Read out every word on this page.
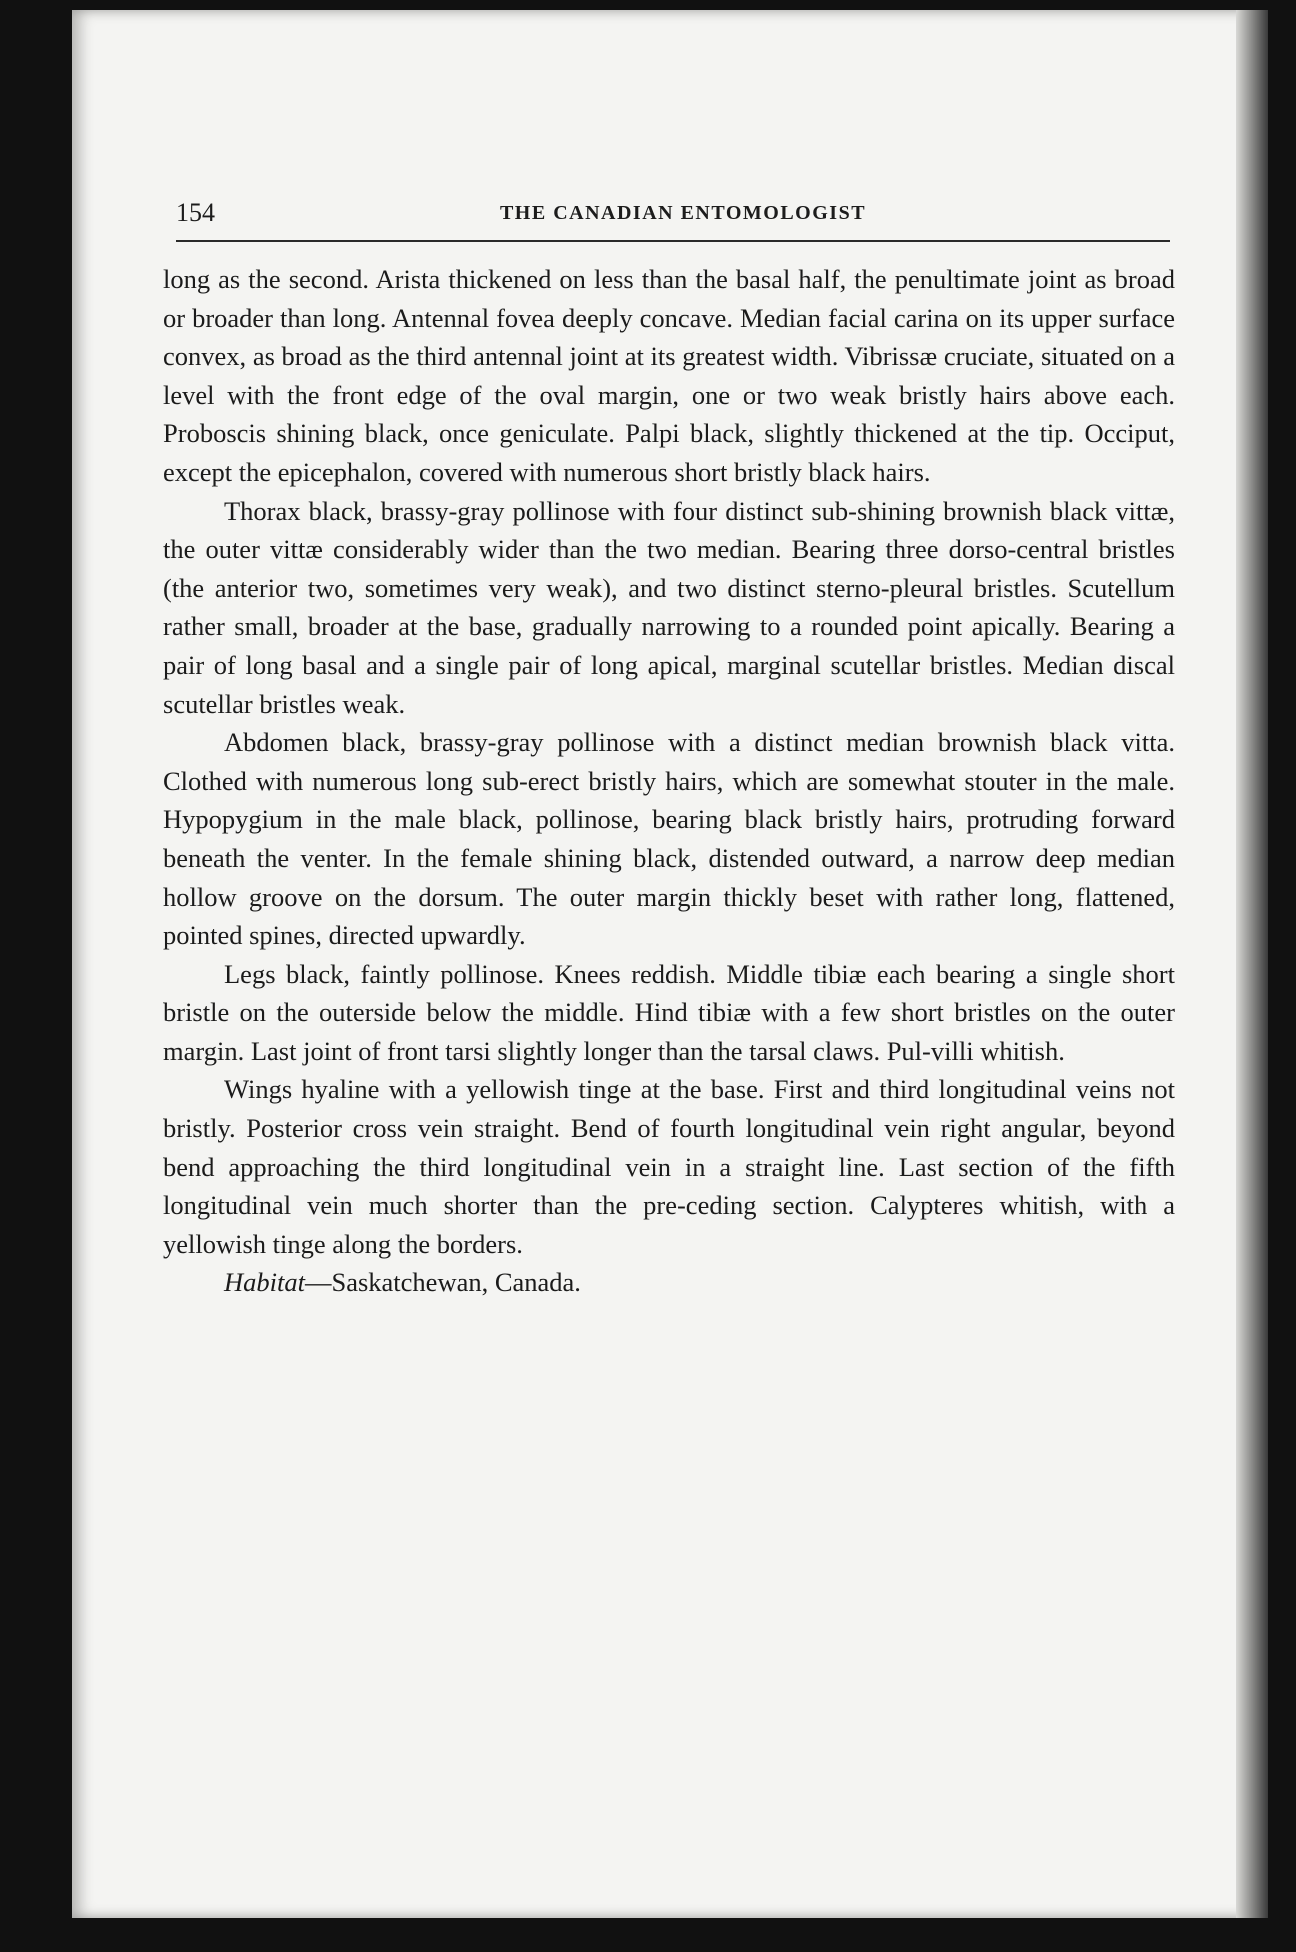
154	THE CANADIAN ENTOMOLOGIST

long as the second. Arista thickened on less than the basal half, the penultimate joint as broad or broader than long. Antennal fovea deeply concave. Median facial carina on its upper surface convex, as broad as the third antennal joint at its greatest width. Vibrissæ cruciate, situated on a level with the front edge of the oval margin, one or two weak bristly hairs above each. Proboscis shining black, once geniculate. Palpi black, slightly thickened at the tip. Occiput, except the epicephalon, covered with numerous short bristly black hairs.

Thorax black, brassy-gray pollinose with four distinct sub-shining brownish black vittæ, the outer vittæ considerably wider than the two median. Bearing three dorso-central bristles (the anterior two, sometimes very weak), and two distinct sterno-pleural bristles. Scutellum rather small, broader at the base, gradually narrowing to a rounded point apically. Bearing a pair of long basal and a single pair of long apical, marginal scutellar bristles. Median discal scutellar bristles weak.

Abdomen black, brassy-gray pollinose with a distinct median brownish black vitta. Clothed with numerous long sub-erect bristly hairs, which are somewhat stouter in the male. Hypopygium in the male black, pollinose, bearing black bristly hairs, protruding forward beneath the venter. In the female shining black, distended outward, a narrow deep median hollow groove on the dorsum. The outer margin thickly beset with rather long, flattened, pointed spines, directed upwardly.

Legs black, faintly pollinose. Knees reddish. Middle tibiæ each bearing a single short bristle on the outerside below the middle. Hind tibiæ with a few short bristles on the outer margin. Last joint of front tarsi slightly longer than the tarsal claws. Pul-villi whitish.

Wings hyaline with a yellowish tinge at the base. First and third longitudinal veins not bristly. Posterior cross vein straight. Bend of fourth longitudinal vein right angular, beyond bend approaching the third longitudinal vein in a straight line. Last section of the fifth longitudinal vein much shorter than the pre-ceding section. Calypteres whitish, with a yellowish tinge along the borders.

Habitat—Saskatchewan, Canada.
